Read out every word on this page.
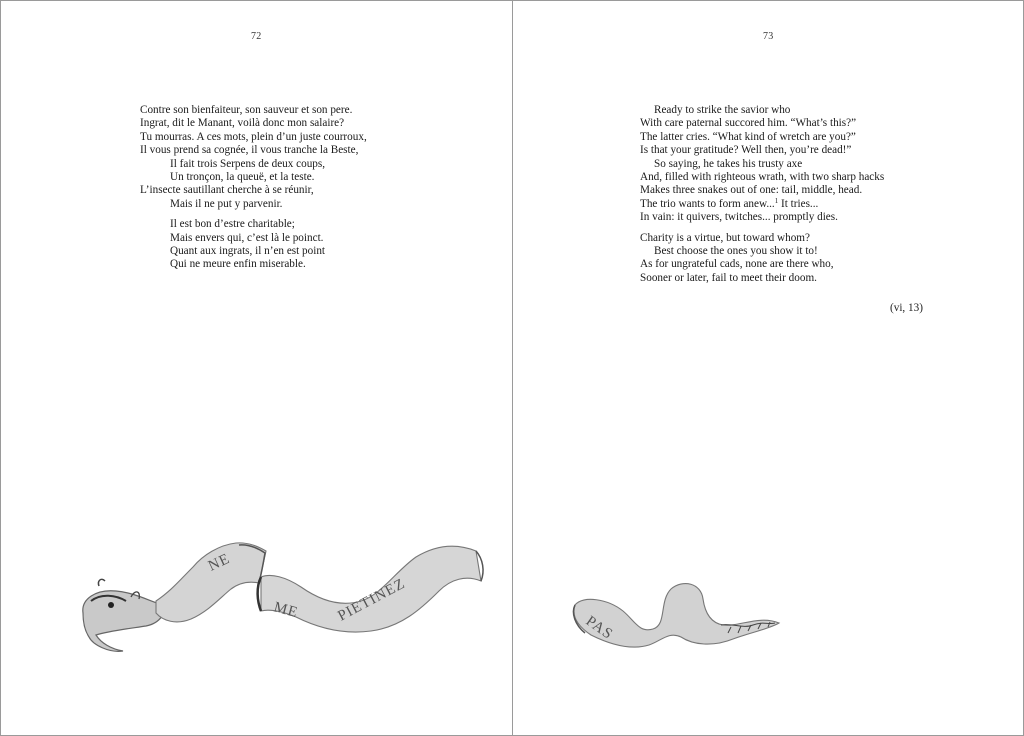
72
Contre son bienfaiteur, son sauveur et son pere.
Ingrat, dit le Manant, voilà donc mon salaire?
Tu mourras. A ces mots, plein d’un juste courroux,
Il vous prend sa cognée, il vous tranche la Beste,
Il fait trois Serpens de deux coups,
Un tronçon, la queuë, et la teste.
L’insecte sautillant cherche à se réunir,
Mais il ne put y parvenir.
Il est bon d’estre charitable;
Mais envers qui, c’est là le poinct.
Quant aux ingrats, il n’en est point
Qui ne meure enfin miserable.
NE
ME PIETINEZ
73
Ready to strike the savior who
With care paternal succored him. “What’s this?”
The latter cries. “What kind of wretch are you?”
Is that your gratitude? Well then, you’re dead!”
So saying, he takes his trusty axe
And, filled with righteous wrath, with two sharp hacks
Makes three snakes out of one: tail, middle, head.
The trio wants to form anew...$^1$ It tries...
In vain: it quivers, twitches... promptly dies.
Charity is a virtue, but toward whom?
Best choose the ones you show it to!
As for ungrateful cads, none are there who,
Sooner or later, fail to meet their doom.
(vi, 13)
PAS
